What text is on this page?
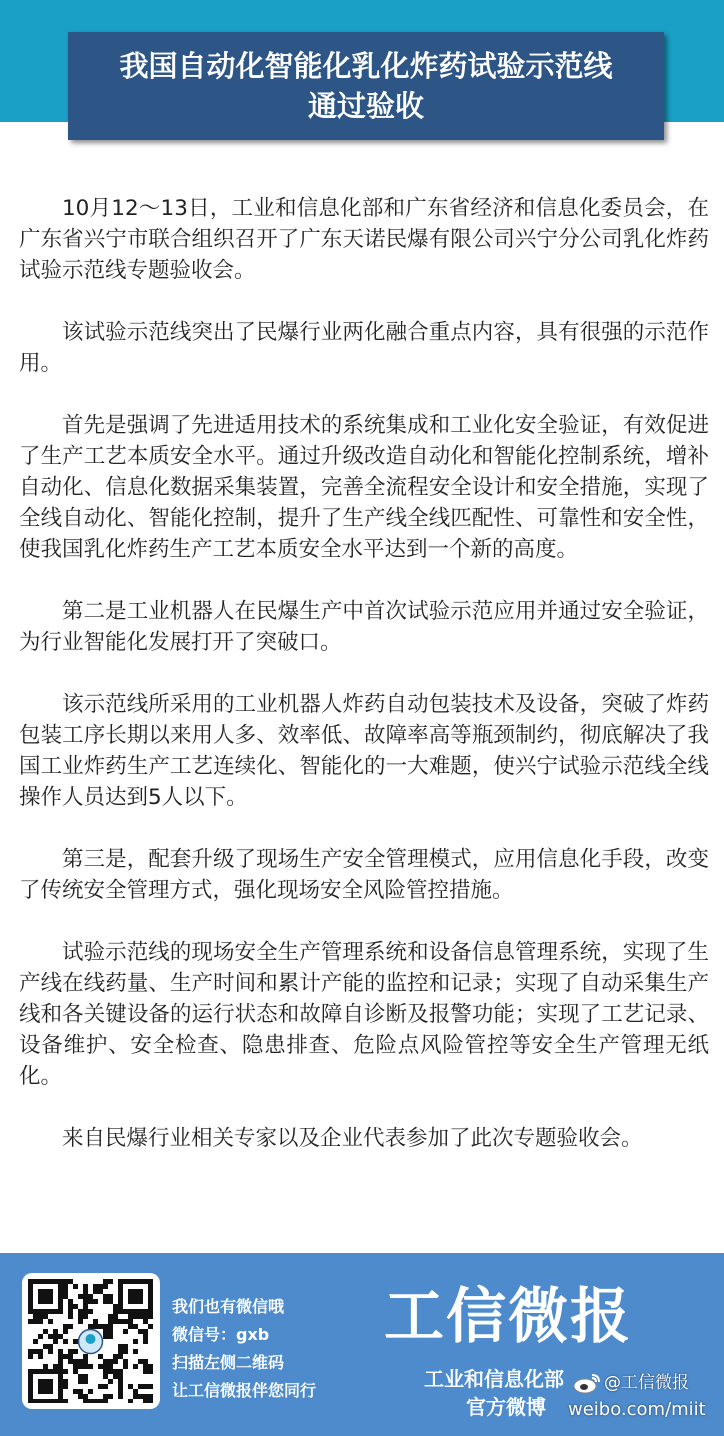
我国自动化智能化乳化炸药试验示范线
通过验收

10月12～13日，工业和信息化部和广东省经济和信息化委员会，在广东省兴宁市联合组织召开了广东天诺民爆有限公司兴宁分公司乳化炸药试验示范线专题验收会。

该试验示范线突出了民爆行业两化融合重点内容，具有很强的示范作用。

首先是强调了先进适用技术的系统集成和工业化安全验证，有效促进了生产工艺本质安全水平。通过升级改造自动化和智能化控制系统，增补自动化、信息化数据采集装置，完善全流程安全设计和安全措施，实现了全线自动化、智能化控制，提升了生产线全线匹配性、可靠性和安全性，使我国乳化炸药生产工艺本质安全水平达到一个新的高度。

第二是工业机器人在民爆生产中首次试验示范应用并通过安全验证，为行业智能化发展打开了突破口。

该示范线所采用的工业机器人炸药自动包装技术及设备，突破了炸药包装工序长期以来用人多、效率低、故障率高等瓶颈制约，彻底解决了我国工业炸药生产工艺连续化、智能化的一大难题，使兴宁试验示范线全线操作人员达到5人以下。

第三是，配套升级了现场生产安全管理模式，应用信息化手段，改变了传统安全管理方式，强化现场安全风险管控措施。

试验示范线的现场安全生产管理系统和设备信息管理系统，实现了生产线在线药量、生产时间和累计产能的监控和记录；实现了自动采集生产线和各关键设备的运行状态和故障自诊断及报警功能；实现了工艺记录、设备维护、安全检查、隐患排查、危险点风险管控等安全生产管理无纸化。

来自民爆行业相关专家以及企业代表参加了此次专题验收会。

我们也有微信哦
微信号：gxb
扫描左侧二维码
让工信微报伴您同行
工信微报
工业和信息化部
官方微博
@工信微报
weibo.com/miit
